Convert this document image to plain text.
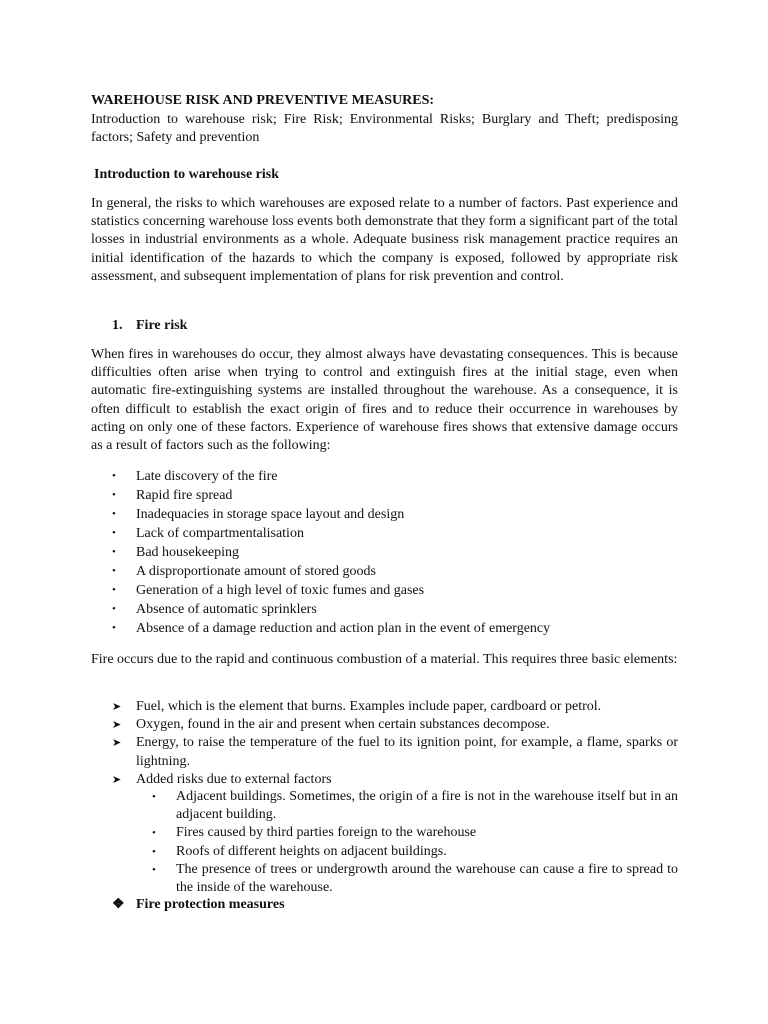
WAREHOUSE RISK AND PREVENTIVE MEASURES:

Introduction to warehouse risk; Fire Risk; Environmental Risks; Burglary and Theft; predisposing factors; Safety and prevention

Introduction to warehouse risk

In general, the risks to which warehouses are exposed relate to a number of factors. Past experience and statistics concerning warehouse loss events both demonstrate that they form a significant part of the total losses in industrial environments as a whole. Adequate business risk management practice requires an initial identification of the hazards to which the company is exposed, followed by appropriate risk assessment, and subsequent implementation of plans for risk prevention and control.

1. Fire risk

When fires in warehouses do occur, they almost always have devastating consequences. This is because difficulties often arise when trying to control and extinguish fires at the initial stage, even when automatic fire-extinguishing systems are installed throughout the warehouse. As a consequence, it is often difficult to establish the exact origin of fires and to reduce their occurrence in warehouses by acting on only one of these factors. Experience of warehouse fires shows that extensive damage occurs as a result of factors such as the following:

• Late discovery of the fire
• Rapid fire spread
• Inadequacies in storage space layout and design
• Lack of compartmentalisation
• Bad housekeeping
• A disproportionate amount of stored goods
• Generation of a high level of toxic fumes and gases
• Absence of automatic sprinklers
• Absence of a damage reduction and action plan in the event of emergency

Fire occurs due to the rapid and continuous combustion of a material. This requires three basic elements:

➤ Fuel, which is the element that burns. Examples include paper, cardboard or petrol.
➤ Oxygen, found in the air and present when certain substances decompose.
➤ Energy, to raise the temperature of the fuel to its ignition point, for example, a flame, sparks or lightning.
➤ Added risks due to external factors
• Adjacent buildings. Sometimes, the origin of a fire is not in the warehouse itself but in an adjacent building.
• Fires caused by third parties foreign to the warehouse
• Roofs of different heights on adjacent buildings.
• The presence of trees or undergrowth around the warehouse can cause a fire to spread to the inside of the warehouse.

❖ Fire protection measures
